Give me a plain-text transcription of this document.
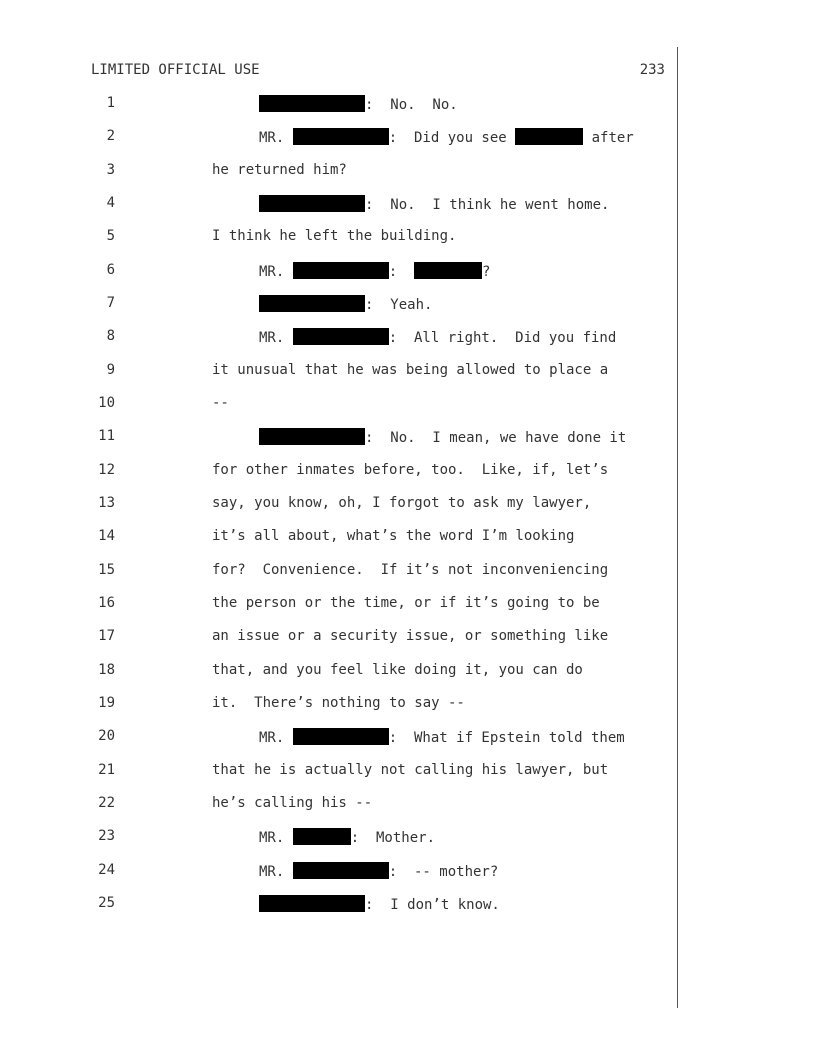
LIMITED OFFICIAL USE	233
1	:  No.  No.
2	MR.	:  Did you see	after
3	he returned him?
4	:  No.  I think he went home.
5	I think he left the building.
6	MR.	:	?
7	:  Yeah.
8	MR.	:  All right.  Did you find
9	it unusual that he was being allowed to place a
10	--
11	:  No.  I mean, we have done it
12	for other inmates before, too.  Like, if, let’s
13	say, you know, oh, I forgot to ask my lawyer,
14	it’s all about, what’s the word I’m looking
15	for?  Convenience.  If it’s not inconveniencing
16	the person or the time, or if it’s going to be
17	an issue or a security issue, or something like
18	that, and you feel like doing it, you can do
19	it.  There’s nothing to say --
20	MR.	:  What if Epstein told them
21	that he is actually not calling his lawyer, but
22	he’s calling his --
23	MR.	:  Mother.
24	MR.	:  -- mother?
25	:  I don’t know.
